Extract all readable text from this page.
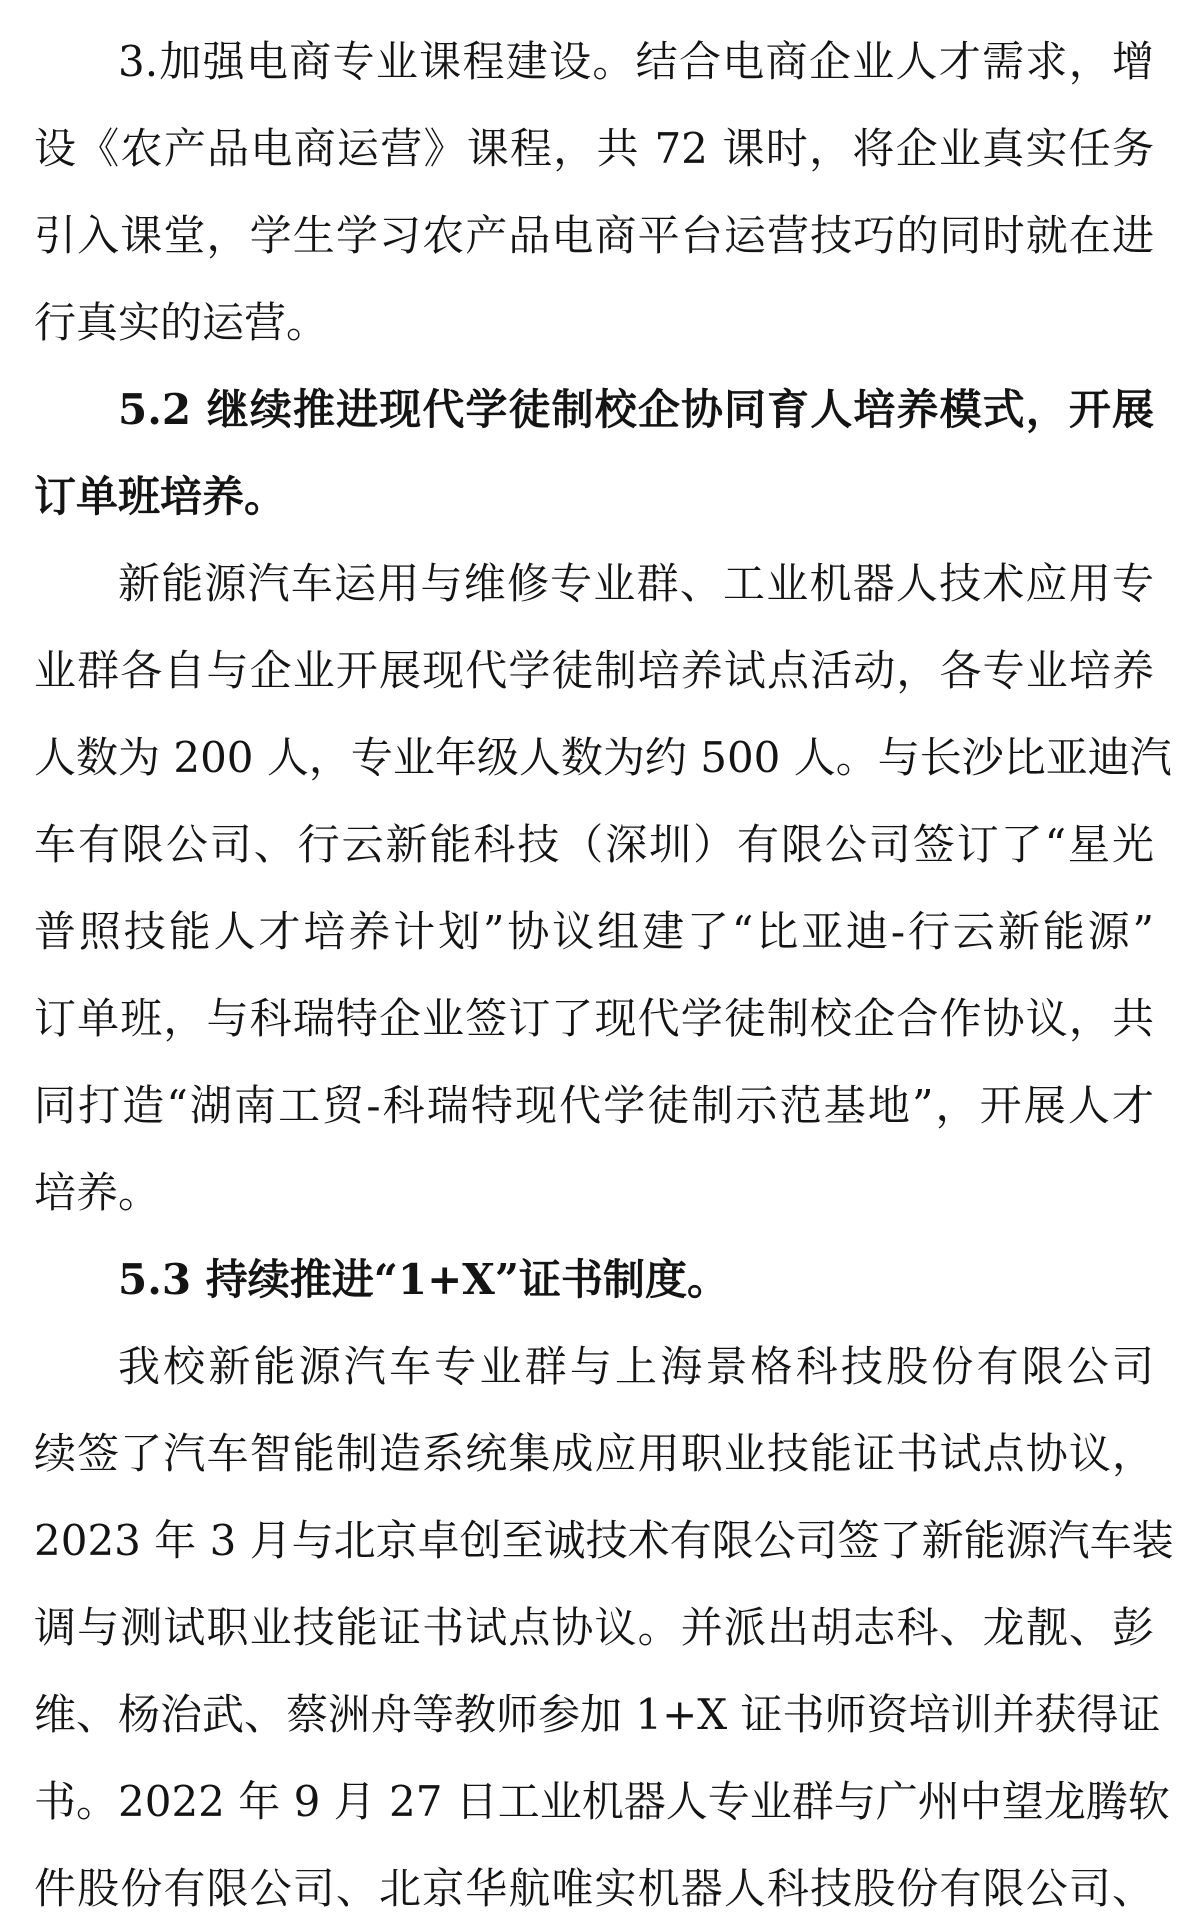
3.加强电商专业课程建设。结合电商企业人才需求，增
设《农产品电商运营》课程，共 72 课时，将企业真实任务
引入课堂，学生学习农产品电商平台运营技巧的同时就在进
行真实的运营。
5.2 继续推进现代学徒制校企协同育人培养模式，开展
订单班培养。
新能源汽车运用与维修专业群、工业机器人技术应用专
业群各自与企业开展现代学徒制培养试点活动，各专业培养
人数为 200 人，专业年级人数为约 500 人。与长沙比亚迪汽
车有限公司、行云新能科技（深圳）有限公司签订了“星光
普照技能人才培养计划”协议组建了“比亚迪-行云新能源”
订单班，与科瑞特企业签订了现代学徒制校企合作协议，共
同打造“湖南工贸-科瑞特现代学徒制示范基地”，开展人才
培养。
5.3 持续推进“1+X”证书制度。
我校新能源汽车专业群与上海景格科技股份有限公司
续签了汽车智能制造系统集成应用职业技能证书试点协议，
2023 年 3 月与北京卓创至诚技术有限公司签了新能源汽车装
调与测试职业技能证书试点协议。并派出胡志科、龙靓、彭
维、杨治武、蔡洲舟等教师参加 1+X 证书师资培训并获得证
书。2022 年 9 月 27 日工业机器人专业群与广州中望龙腾软
件股份有限公司、北京华航唯实机器人科技股份有限公司、
